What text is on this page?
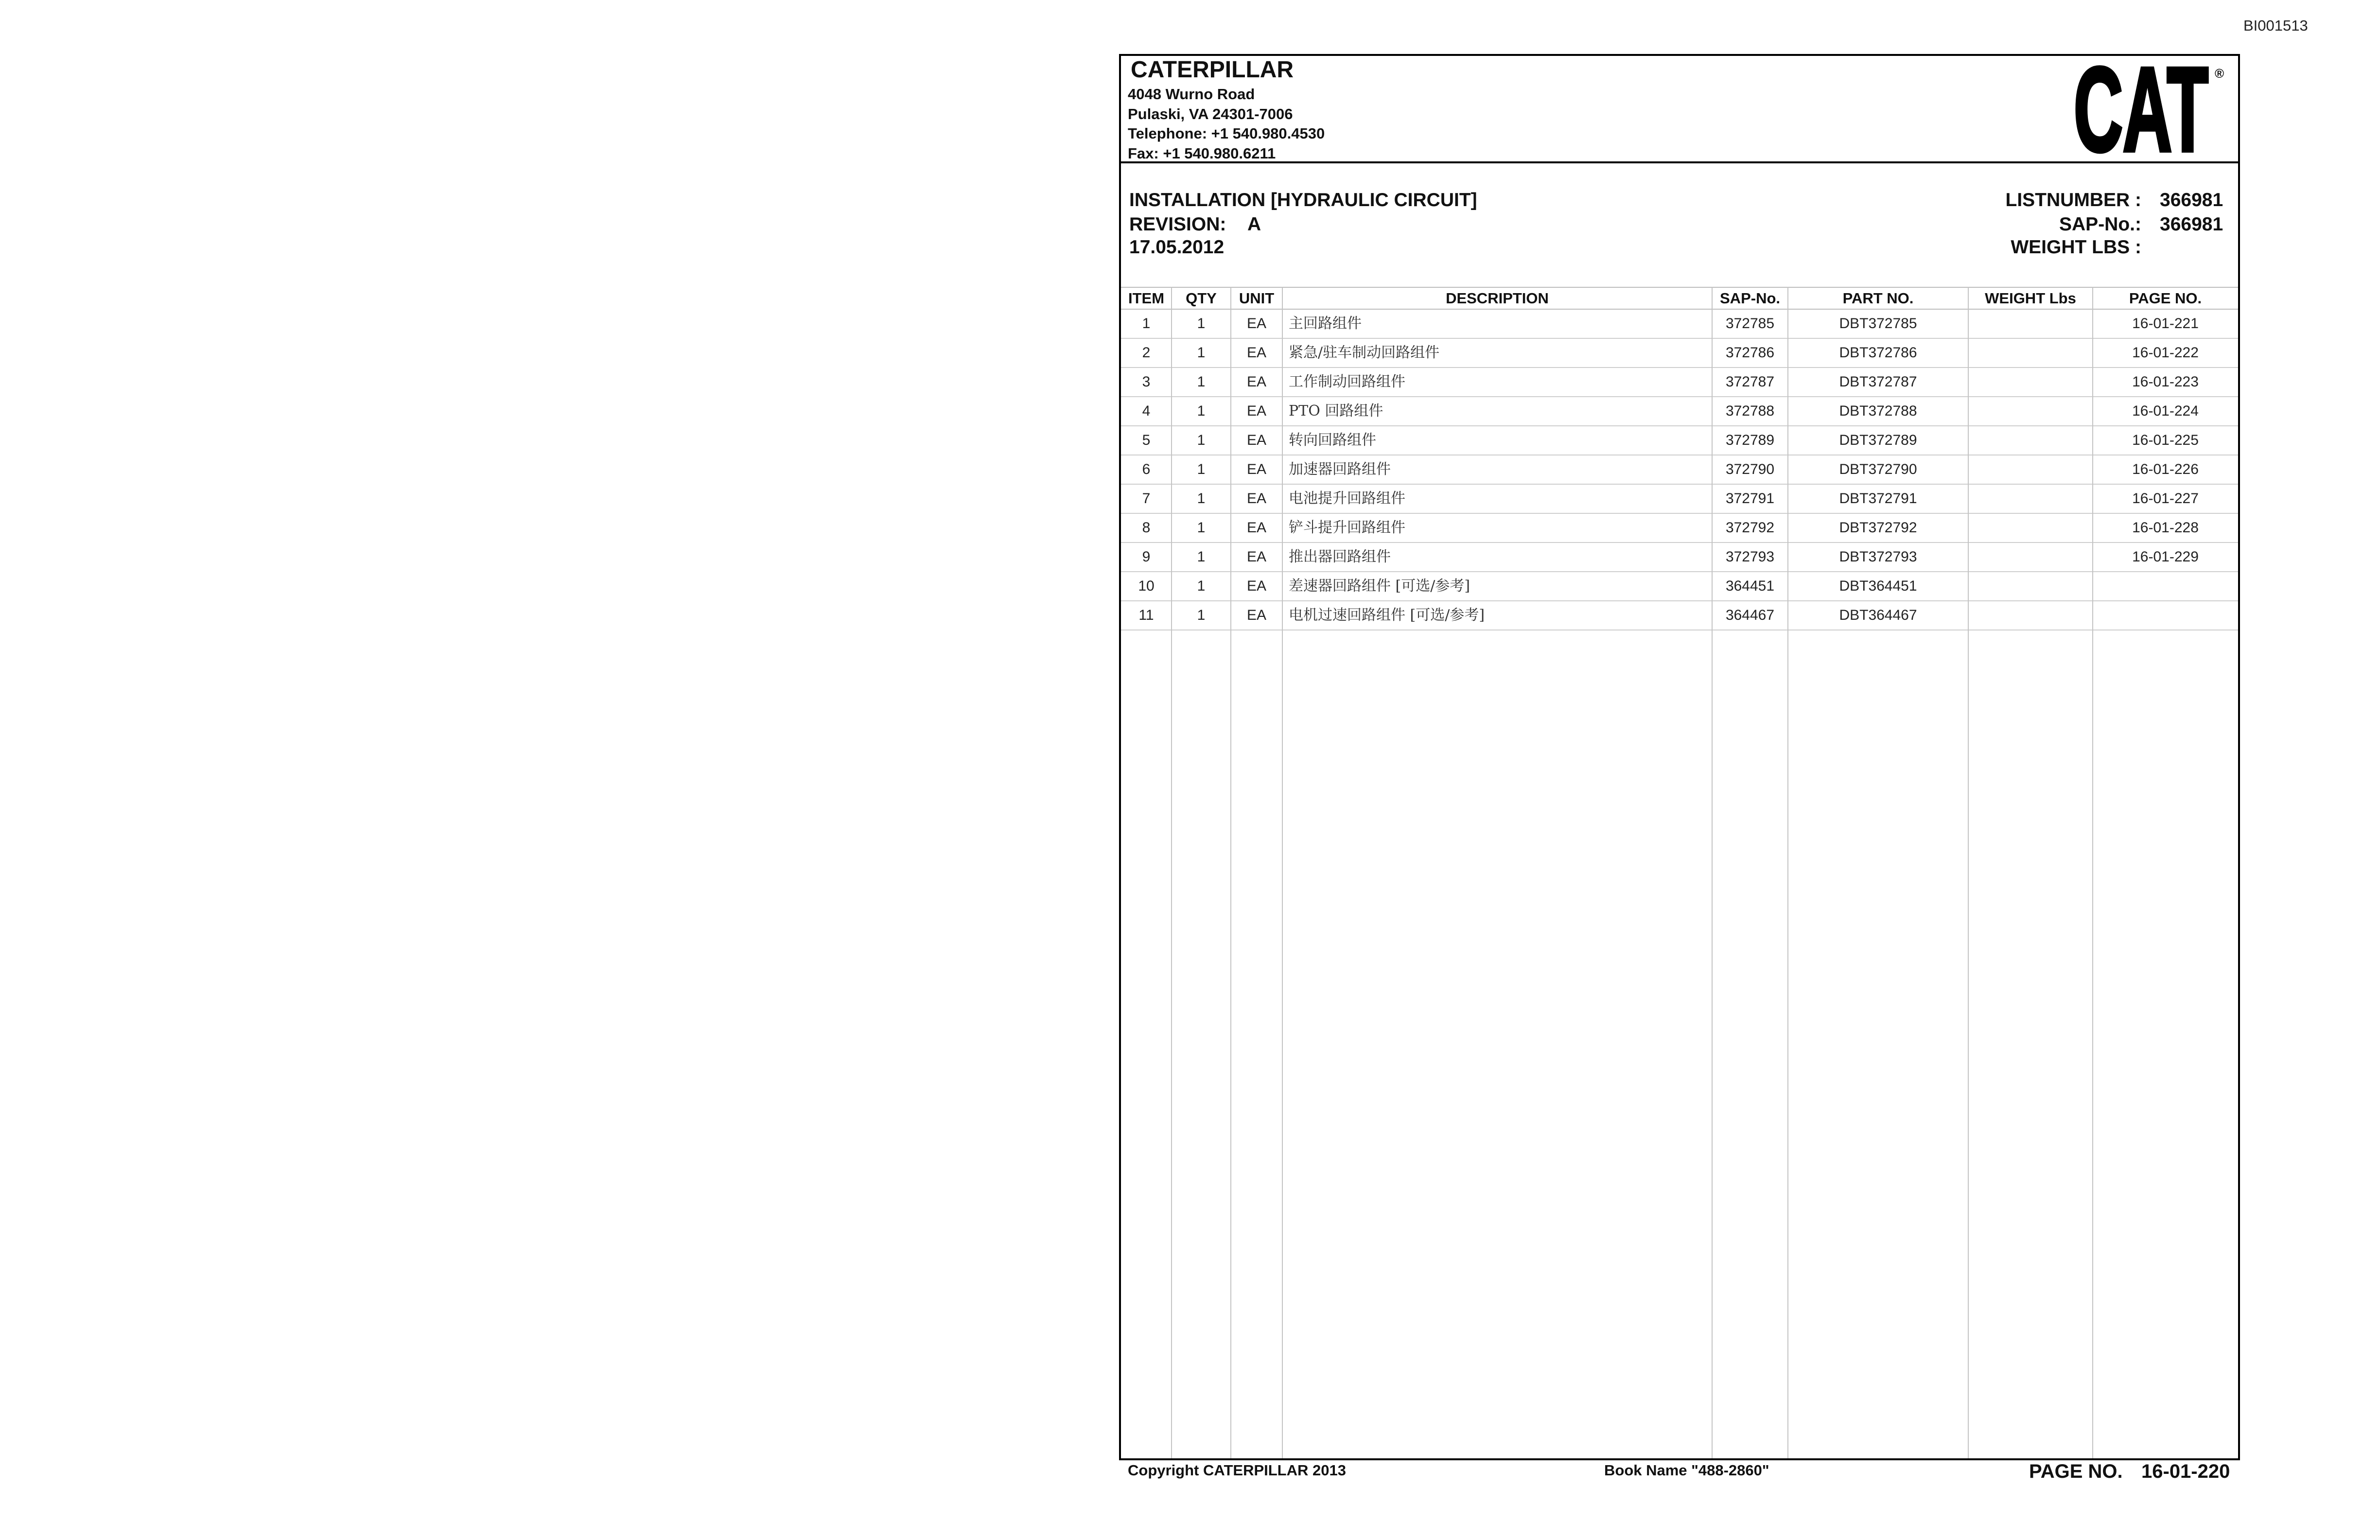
BI001513
CATERPILLAR
4048 Wurno Road
Pulaski, VA 24301-7006
Telephone: +1 540.980.4530
Fax: +1 540.980.6211	CAT ®
INSTALLATION [HYDRAULIC CIRCUIT]
REVISION: A
17.05.2012
LISTNUMBER : 366981
SAP-No.: 366981
WEIGHT LBS :
ITEM	QTY	UNIT	DESCRIPTION	SAP-No.	PART NO.	WEIGHT Lbs	PAGE NO.
1	1	EA	主回路组件	372785	DBT372785		16-01-221
2	1	EA	紧急/驻车制动回路组件	372786	DBT372786		16-01-222
3	1	EA	工作制动回路组件	372787	DBT372787		16-01-223
4	1	EA	PTO 回路组件	372788	DBT372788		16-01-224
5	1	EA	转向回路组件	372789	DBT372789		16-01-225
6	1	EA	加速器回路组件	372790	DBT372790		16-01-226
7	1	EA	电池提升回路组件	372791	DBT372791		16-01-227
8	1	EA	铲斗提升回路组件	372792	DBT372792		16-01-228
9	1	EA	推出器回路组件	372793	DBT372793		16-01-229
10	1	EA	差速器回路组件 [可选/参考]	364451	DBT364451		
11	1	EA	电机过速回路组件 [可选/参考]	364467	DBT364467		
Copyright CATERPILLAR 2013	Book Name "488-2860"	PAGE NO. 16-01-220
